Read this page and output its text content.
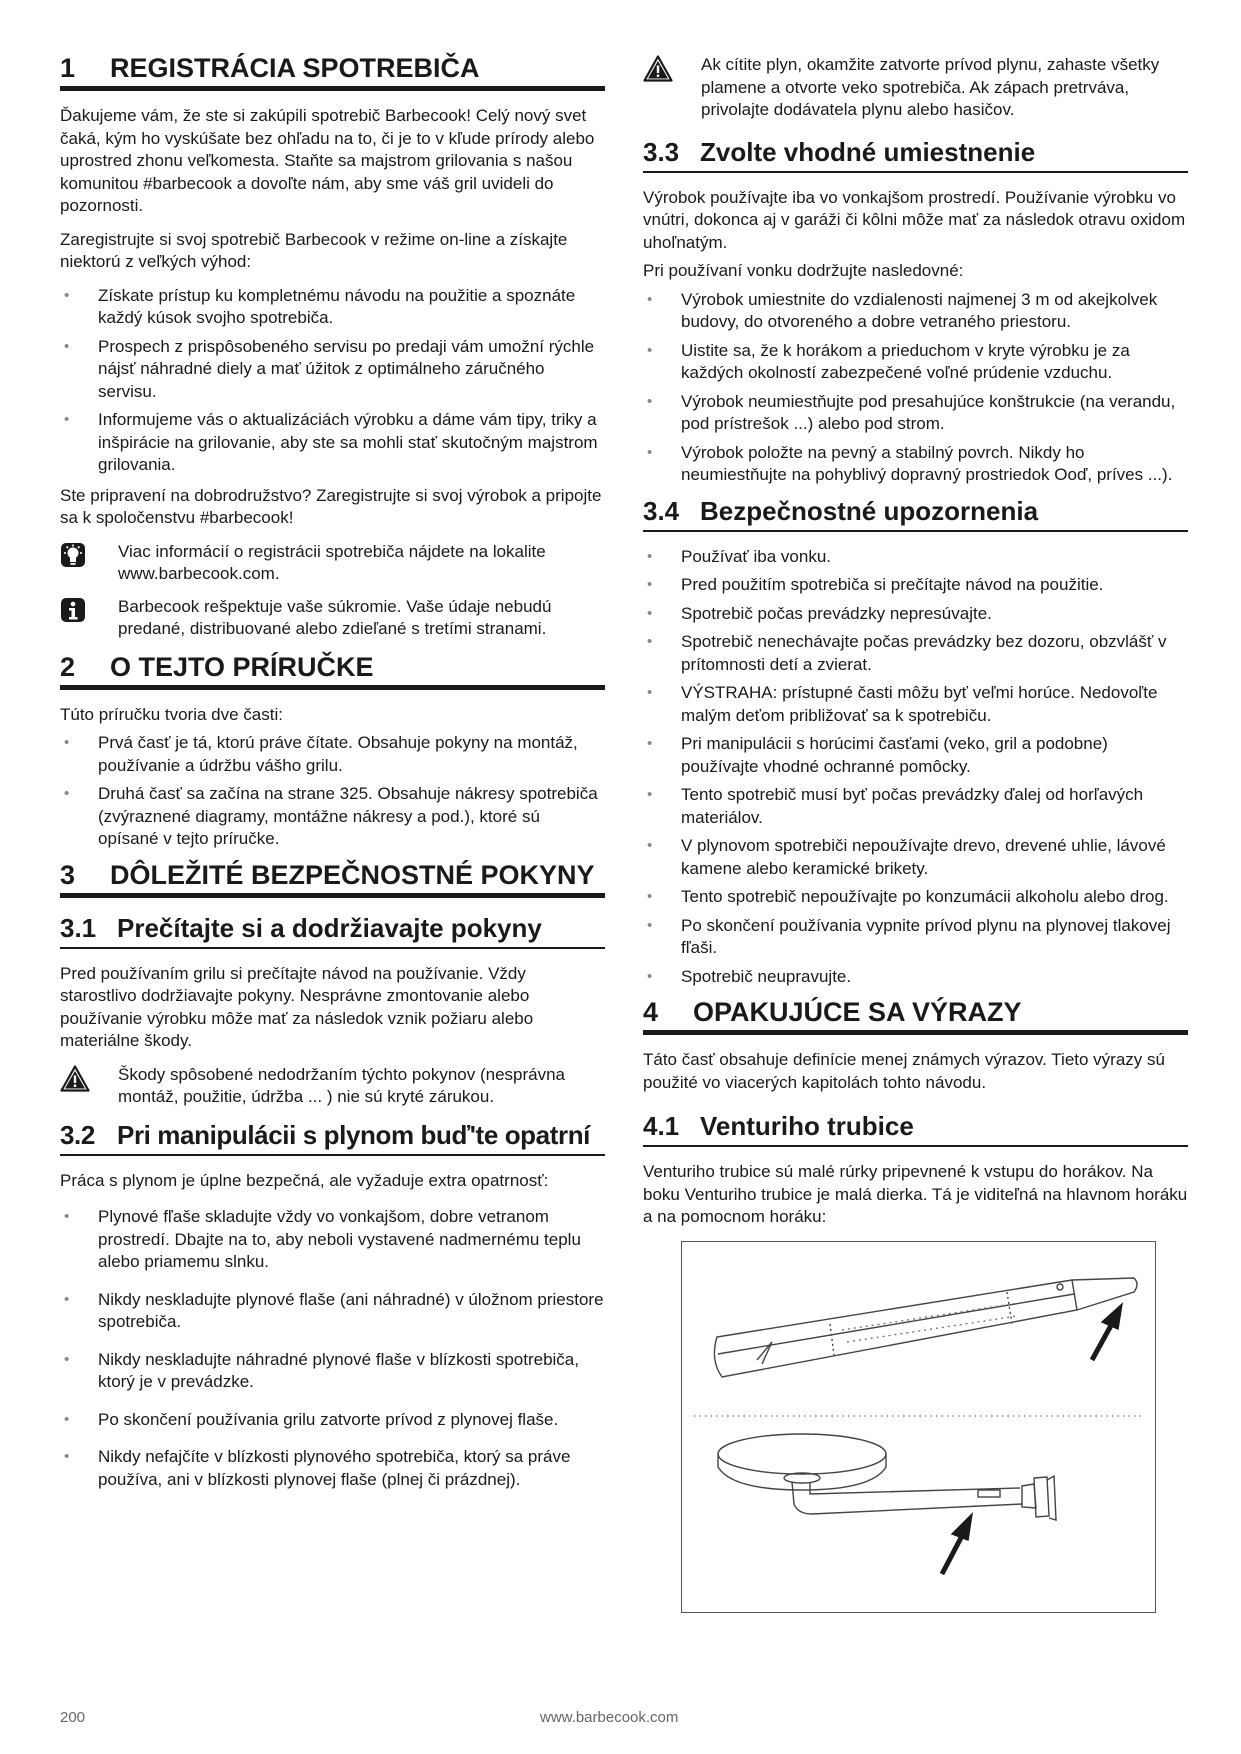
1 REGISTRÁCIA SPOTREBIČA

Ďakujeme vám, že ste si zakúpili spotrebič Barbecook! Celý nový svet čaká, kým ho vyskúšate bez ohľadu na to, či je to v kľude prírody alebo uprostred zhonu veľkomesta. Staňte sa majstrom grilovania s našou komunitou #barbecook a dovoľte nám, aby sme váš gril uvideli do pozornosti.

Zaregistrujte si svoj spotrebič Barbecook v režime on-line a získajte niektorú z veľkých výhod:

• Získate prístup ku kompletnému návodu na použitie a spoznáte každý kúsok svojho spotrebiča.
• Prospech z prispôsobeného servisu po predaji vám umožní rýchle nájsť náhradné diely a mať úžitok z optimálneho záručného servisu.
• Informujeme vás o aktualizáciách výrobku a dáme vám tipy, triky a inšpirácie na grilovanie, aby ste sa mohli stať skutočným majstrom grilovania.

Ste pripravení na dobrodružstvo? Zaregistrujte si svoj výrobok a pripojte sa k spoločenstvu #barbecook!

Viac informácií o registrácii spotrebiča nájdete na lokalite www.barbecook.com.

Barbecook rešpektuje vaše súkromie. Vaše údaje nebudú predané, distribuované alebo zdieľané s tretími stranami.

2 O TEJTO PRÍRUČKE

Túto príručku tvoria dve časti:

• Prvá časť je tá, ktorú práve čítate. Obsahuje pokyny na montáž, používanie a údržbu vášho grilu.
• Druhá časť sa začína na strane 325. Obsahuje nákresy spotrebiča (zvýraznené diagramy, montážne nákresy a pod.), ktoré sú opísané v tejto príručke.
3 DÔLEŽITÉ BEZPEČNOSTNÉ POKYNY
3.1 Prečítajte si a dodržiavajte pokyny

Pred používaním grilu si prečítajte návod na používanie. Vždy starostlivo dodržiavajte pokyny. Nesprávne zmontovanie alebo používanie výrobku môže mať za následok vznik požiaru alebo materiálne škody.

Škody spôsobené nedodržaním týchto pokynov (nesprávna montáž, použitie, údržba ... ) nie sú kryté zárukou.

3.2 Pri manipulácii s plynom buď'te opatrní

Práca s plynom je úplne bezpečná, ale vyžaduje extra opatrnosť:

• Plynové fľaše skladujte vždy vo vonkajšom, dobre vetranom prostredí. Dbajte na to, aby neboli vystavené nadmernému teplu alebo priamemu slnku.
• Nikdy neskladujte plynové flaše (ani náhradné) v úložnom priestore spotrebiča.
• Nikdy neskladujte náhradné plynové flaše v blízkosti spotrebiča, ktorý je v prevádzke.
• Po skončení používania grilu zatvorte prívod z plynovej flaše.
• Nikdy nefajčíte v blízkosti plynového spotrebiča, ktorý sa práve používa, ani v blízkosti plynovej flaše (plnej či prázdnej).

Ak cítite plyn, okamžite zatvorte prívod plynu, zahaste všetky plamene a otvorte veko spotrebiča. Ak zápach pretrváva, privolajte dodávatela plynu alebo hasičov.

3.3 Zvolte vhodné umiestnenie

Výrobok používajte iba vo vonkajšom prostredí. Používanie výrobku vo vnútri, dokonca aj v garáži či kôlni môže mať za následok otravu oxidom uhoľnatým.

Pri používaní vonku dodržujte nasledovné:

• Výrobok umiestnite do vzdialenosti najmenej 3 m od akejkolvek budovy, do otvoreného a dobre vetraného priestoru.
• Uistite sa, že k horákom a prieduchom v kryte výrobku je za každých okolností zabezpečené voľné prúdenie vzduchu.
• Výrobok neumiestňujte pod presahujúce konštrukcie (na verandu, pod prístrešok ...) alebo pod strom.
• Výrobok položte na pevný a stabilný povrch. Nikdy ho neumiestňujte na pohyblivý dopravný prostriedok Ooď, príves ...).
3.4 Bezpečnostné upozornenia
• Používať iba vonku.
• Pred použitím spotrebiča si prečítajte návod na použitie.
• Spotrebič počas prevádzky nepresúvajte.
• Spotrebič nenechávajte počas prevádzky bez dozoru, obzvlášť v prítomnosti detí a zvierat.
• VÝSTRAHA: prístupné časti môžu byť veľmi horúce. Nedovoľte malým deťom približovať sa k spotrebiču.
• Pri manipulácii s horúcimi časťami (veko, gril a podobne) používajte vhodné ochranné pomôcky.
• Tento spotrebič musí byť počas prevádzky ďalej od horľavých materiálov.
• V plynovom spotrebiči nepoužívajte drevo, drevené uhlie, lávové kamene alebo keramické brikety.
• Tento spotrebič nepoužívajte po konzumácii alkoholu alebo drog.
• Po skončení používania vypnite prívod plynu na plynovej tlakovej fľaši.
• Spotrebič neupravujte.
4 OPAKUJÚCE SA VÝRAZY

Táto časť obsahuje definície menej známych výrazov. Tieto výrazy sú použité vo viacerých kapitolách tohto návodu.

4.1 Venturiho trubice

Venturiho trubice sú malé rúrky pripevnené k vstupu do horákov. Na boku Venturiho trubice je malá dierka. Tá je viditeľná na hlavnom horáku a na pomocnom horáku:

200	www.barbecook.com
